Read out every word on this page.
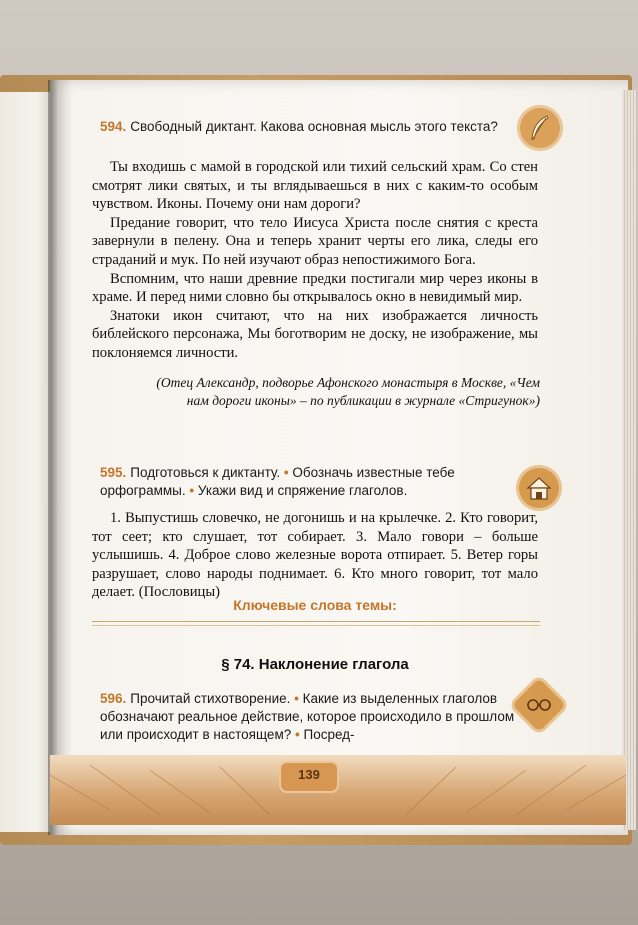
594. Свободный диктант. Какова основная мысль этого текста?

Ты входишь с мамой в городской или тихий сельский храм. Со стен смотрят лики святых, и ты вглядываешься в них с каким-то особым чувством. Иконы. Почему они нам дороги?

Предание говорит, что тело Иисуса Христа после снятия с креста завернули в пелену. Она и теперь хранит черты его лика, следы его страданий и мук. По ней изучают образ непостижимого Бога.

Вспомним, что наши древние предки постигали мир через иконы в храме. И перед ними словно бы открывалось окно в невидимый мир.

Знатоки икон считают, что на них изображается личность библейского персонажа, Мы боготворим не доску, не изображение, мы поклоняемся личности.

(Отец Александр, подворье Афонского монастыря в Москве, «Чем нам дороги иконы» – по публикации в журнале «Стригунок»)
595. Подготовься к диктанту. • Обозначь известные тебе орфограммы. • Укажи вид и спряжение глаголов.

1. Выпустишь словечко, не догонишь и на крылечке. 2. Кто говорит, тот сеет; кто слушает, тот собирает. 3. Мало говори – больше услышишь. 4. Доброе слово железные ворота отпирает. 5. Ветер горы разрушает, слово народы поднимает. 6. Кто много говорит, тот мало делает. (Пословицы)

Ключевые слова темы:
§ 74. Наклонение глагола
596. Прочитай стихотворение. • Какие из выделенных глаголов обозначают реальное действие, которое происходило в прошлом или происходит в настоящем? • Посред-
139
